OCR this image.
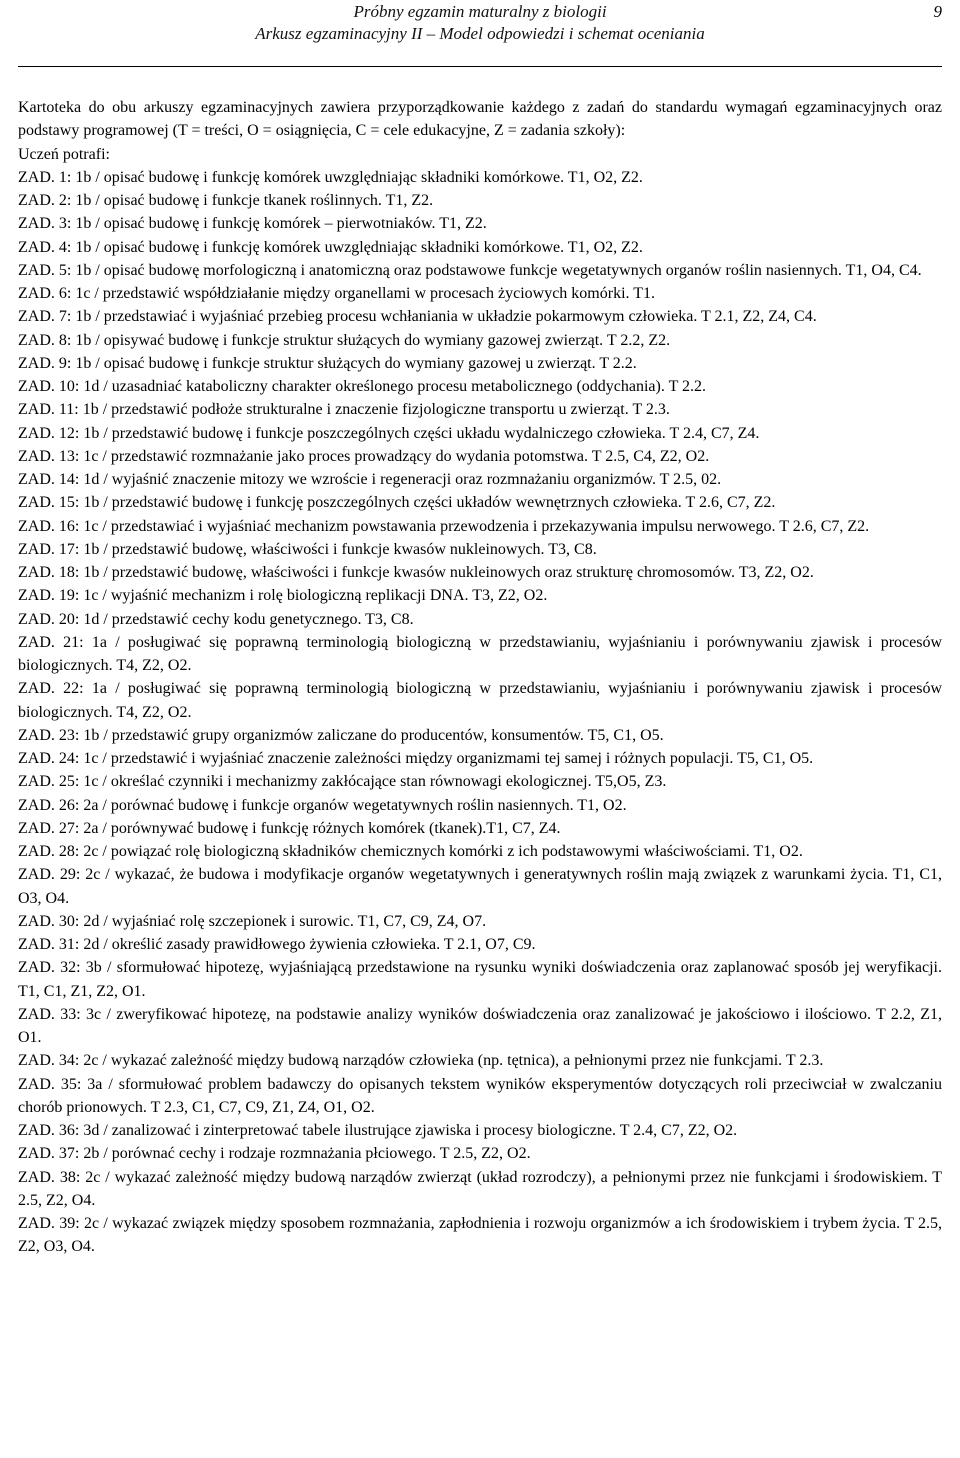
Próbny egzamin maturalny z biologii
Arkusz egzaminacyjny II – Model odpowiedzi i schemat oceniania
9

Kartoteka do obu arkuszy egzaminacyjnych zawiera przyporządkowanie każdego z zadań do standardu wymagań egzaminacyjnych oraz podstawy programowej (T = treści, O = osiągnięcia, C = cele edukacyjne, Z = zadania szkoły):

Uczeń potrafi:

ZAD. 1: 1b / opisać budowę i funkcję komórek uwzględniając składniki komórkowe. T1, O2, Z2.

ZAD. 2: 1b / opisać budowę i funkcje tkanek roślinnych. T1, Z2.

ZAD. 3: 1b / opisać budowę i funkcję komórek – pierwotniaków. T1, Z2.

ZAD. 4: 1b / opisać budowę i funkcję komórek uwzględniając składniki komórkowe. T1, O2, Z2.

ZAD. 5: 1b / opisać budowę morfologiczną i anatomiczną oraz podstawowe funkcje wegetatywnych organów roślin nasiennych. T1, O4, C4.

ZAD. 6: 1c / przedstawić współdziałanie między organellami w procesach życiowych komórki. T1.

ZAD. 7: 1b / przedstawiać i wyjaśniać przebieg procesu wchłaniania w układzie pokarmowym człowieka. T 2.1, Z2, Z4, C4.

ZAD. 8: 1b / opisywać budowę i funkcje struktur służących do wymiany gazowej zwierząt. T 2.2, Z2.

ZAD. 9: 1b / opisać budowę i funkcje struktur służących do wymiany gazowej u zwierząt. T 2.2.

ZAD. 10: 1d / uzasadniać kataboliczny charakter określonego procesu metabolicznego (oddychania). T 2.2.

ZAD. 11: 1b / przedstawić podłoże strukturalne i znaczenie fizjologiczne transportu u zwierząt. T 2.3.

ZAD. 12: 1b / przedstawić budowę i funkcje poszczególnych części układu wydalniczego człowieka. T 2.4, C7, Z4.

ZAD. 13: 1c / przedstawić rozmnażanie jako proces prowadzący do wydania potomstwa. T 2.5, C4, Z2, O2.

ZAD. 14: 1d / wyjaśnić znaczenie mitozy we wzroście i regeneracji oraz rozmnażaniu organizmów. T 2.5, 02.

ZAD. 15: 1b / przedstawić budowę i funkcję poszczególnych części układów wewnętrznych człowieka. T 2.6, C7, Z2.

ZAD. 16: 1c / przedstawiać i wyjaśniać mechanizm powstawania przewodzenia i przekazywania impulsu nerwowego. T 2.6, C7, Z2.

ZAD. 17: 1b / przedstawić budowę, właściwości i funkcje kwasów nukleinowych. T3, C8.

ZAD. 18: 1b / przedstawić budowę, właściwości i funkcje kwasów nukleinowych oraz strukturę chromosomów. T3, Z2, O2.

ZAD. 19: 1c / wyjaśnić mechanizm i rolę biologiczną replikacji DNA. T3, Z2, O2.

ZAD. 20: 1d / przedstawić cechy kodu genetycznego. T3, C8.

ZAD. 21: 1a / posługiwać się poprawną terminologią biologiczną w przedstawianiu, wyjaśnianiu i porównywaniu zjawisk i procesów biologicznych. T4, Z2, O2.

ZAD. 22: 1a / posługiwać się poprawną terminologią biologiczną w przedstawianiu, wyjaśnianiu i porównywaniu zjawisk i procesów biologicznych. T4, Z2, O2.

ZAD. 23: 1b / przedstawić grupy organizmów zaliczane do producentów, konsumentów. T5, C1, O5.

ZAD. 24: 1c / przedstawić i wyjaśniać znaczenie zależności między organizmami tej samej i różnych populacji. T5, C1, O5.

ZAD. 25: 1c / określać czynniki i mechanizmy zakłócające stan równowagi ekologicznej. T5,O5, Z3.

ZAD. 26: 2a / porównać budowę i funkcje organów wegetatywnych roślin nasiennych. T1, O2.

ZAD. 27: 2a / porównywać budowę i funkcję różnych komórek (tkanek).T1, C7, Z4.

ZAD. 28: 2c / powiązać rolę biologiczną składników chemicznych komórki z ich podstawowymi właściwościami. T1, O2.

ZAD. 29: 2c / wykazać, że budowa i modyfikacje organów wegetatywnych i generatywnych roślin mają związek z warunkami życia. T1, C1, O3, O4.

ZAD. 30: 2d / wyjaśniać rolę szczepionek i surowic. T1, C7, C9, Z4, O7.

ZAD. 31: 2d / określić zasady prawidłowego żywienia człowieka. T 2.1, O7, C9.

ZAD. 32: 3b / sformułować hipotezę, wyjaśniającą przedstawione na rysunku wyniki doświadczenia oraz zaplanować sposób jej weryfikacji. T1, C1, Z1, Z2, O1.

ZAD. 33: 3c / zweryfikować hipotezę, na podstawie analizy wyników doświadczenia oraz zanalizować je jakościowo i ilościowo. T 2.2, Z1, O1.

ZAD. 34: 2c / wykazać zależność między budową narządów człowieka (np. tętnica), a pełnionymi przez nie funkcjami. T 2.3.

ZAD. 35: 3a / sformułować problem badawczy do opisanych tekstem wyników eksperymentów dotyczących roli przeciwciał w zwalczaniu chorób prionowych. T 2.3, C1, C7, C9, Z1, Z4, O1, O2.

ZAD. 36: 3d / zanalizować i zinterpretować tabele ilustrujące zjawiska i procesy biologiczne. T 2.4, C7, Z2, O2.

ZAD. 37: 2b / porównać cechy i rodzaje rozmnażania płciowego. T 2.5, Z2, O2.

ZAD. 38: 2c / wykazać zależność między budową narządów zwierząt (układ rozrodczy), a pełnionymi przez nie funkcjami i środowiskiem. T 2.5, Z2, O4.

ZAD. 39: 2c / wykazać związek między sposobem rozmnażania, zapłodnienia i rozwoju organizmów a ich środowiskiem i trybem życia. T 2.5, Z2, O3, O4.
